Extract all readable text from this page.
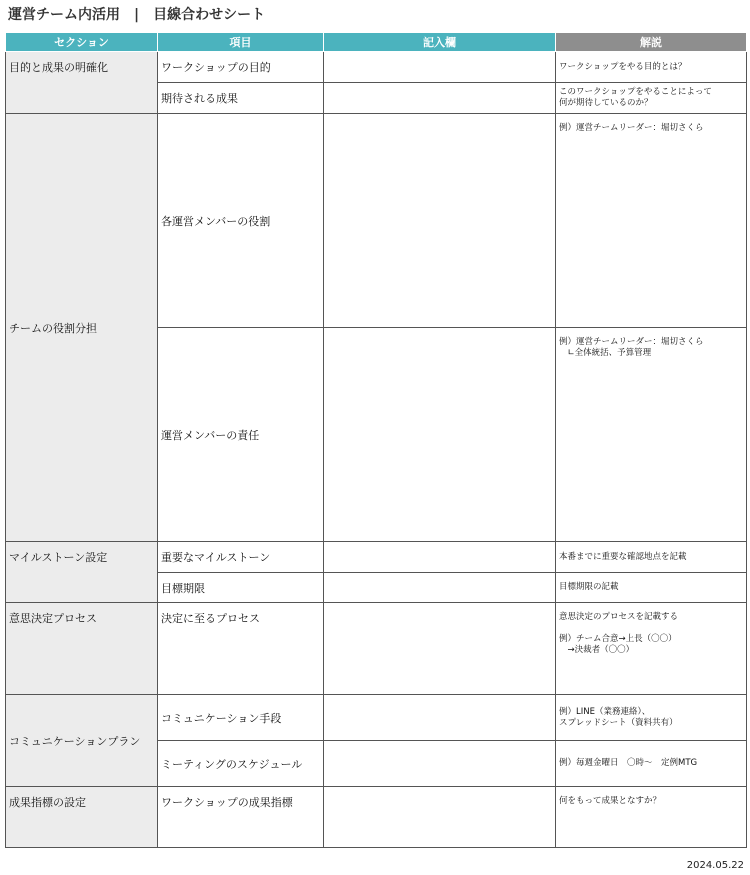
運営チーム内活用　|　目線合わせシート
セクション	項目	記入欄	解説
目的と成果の明確化	ワークショップの目的		ワークショップをやる目的とは？

	期待される成果		このワークショップをやることによって
何が期待しているのか？

チームの役割分担	各運営メンバーの役割		例）運営チームリーダー：堀切さくら

	運営メンバーの責任		例）運営チームリーダー：堀切さくら
　∟全体統括、予算管理

マイルストーン設定	重要なマイルストーン		本番までに重要な確認地点を記載

	目標期限		目標期限の記載

意思決定プロセス	決定に至るプロセス		意思決定のプロセスを記載する
例）チーム合意→上長（〇〇）
　→決裁者（〇〇）

コミュニケーションプラン	コミュニケーション手段		例）LINE（業務連絡）、
スプレッドシート（資料共有）

	ミーティングのスケジュール		例）毎週金曜日　〇時～　定例MTG

成果指標の設定	ワークショップの成果指標		何をもって成果となすか？
2024.05.22
